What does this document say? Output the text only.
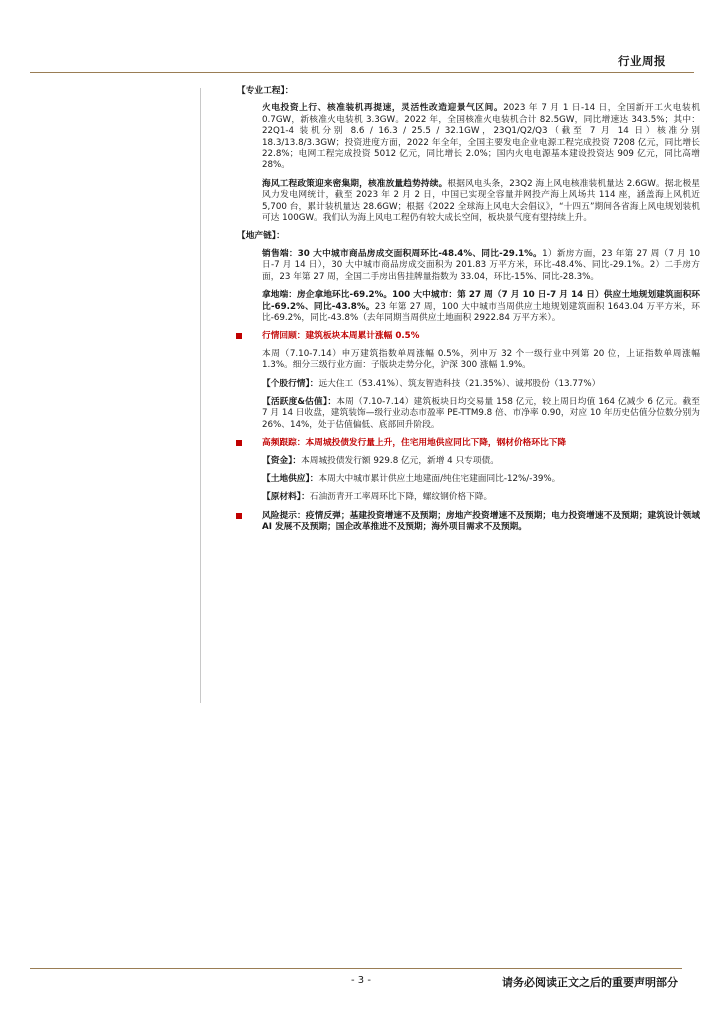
行业周报
【专业工程】：

火电投资上行、核准装机再提速，灵活性改造迎景气区间。2023 年 7 月 1 日-14 日，全国新开工火电装机 0.7GW，新核准火电装机 3.3GW。2022 年，全国核准火电装机合计 82.5GW，同比增速达 343.5%；其中：22Q1-4 装机分别 8.6 / 16.3 / 25.5 / 32.1GW，23Q1/Q2/Q3（截至 7 月 14 日）核准分别 18.3/13.8/3.3GW；投资进度方面，2022 年全年，全国主要发电企业电源工程完成投资 7208 亿元，同比增长 22.8%；电网工程完成投资 5012 亿元，同比增长 2.0%；国内火电电源基本建设投资达 909 亿元，同比高增 28%。

海风工程政策迎来密集期，核准放量趋势持续。根据风电头条，23Q2 海上风电核准装机量达 2.6GW。据北极星风力发电网统计，截至 2023 年 2 月 2 日，中国已实现全容量并网投产海上风场共 114 座，涵盖海上风机近 5,700 台，累计装机量达 28.6GW；根据《2022 全球海上风电大会倡议》，“十四五”期间各省海上风电规划装机可达 100GW。我们认为海上风电工程仍有较大成长空间，板块景气度有望持续上升。

【地产链】：

销售端：30 大中城市商品房成交面积周环比-48.4%、同比-29.1%。1）新房方面，23 年第 27 周（7 月 10 日-7 月 14 日），30 大中城市商品房成交面积为 201.83 万平方米，环比-48.4%、同比-29.1%。2）二手房方面，23 年第 27 周，全国二手房出售挂牌量指数为 33.04，环比-15%、同比-28.3%。

拿地端：房企拿地环比-69.2%。100 大中城市：第 27 周（7 月 10 日-7 月 14 日）供应土地规划建筑面积环比-69.2%、同比-43.8%。23 年第 27 周，100 大中城市当周供应土地规划建筑面积 1643.04 万平方米，环比-69.2%，同比-43.8%（去年同期当周供应土地面积 2922.84 万平方米）。

行情回顾：建筑板块本周累计涨幅 0.5%

本周（7.10-7.14）申万建筑指数单周涨幅 0.5%，列申万 32 个一级行业中列第 20 位，上证指数单周涨幅 1.3%。细分三级行业方面：子版块走势分化，沪深 300 涨幅 1.9%。

【个股行情】：远大住工（53.41%）、筑友智造科技（21.35%）、诚邦股份（13.77%）

【活跃度&估值】：本周（7.10-7.14）建筑板块日均交易量 158 亿元，较上周日均值 164 亿减少 6 亿元。截至 7 月 14 日收盘，建筑装饰—级行业动态市盈率 PE-TTM9.8 倍、市净率 0.90，对应 10 年历史估值分位数分别为 26%、14%，处于估值偏低、底部回升阶段。

高频跟踪：本周城投债发行量上升，住宅用地供应同比下降，钢材价格环比下降

【资金】：本周城投债发行额 929.8 亿元，新增 4 只专项债。

【土地供应】：本周大中城市累计供应土地建面/纯住宅建面同比-12%/-39%。

【原材料】：石油沥青开工率周环比下降，螺纹钢价格下降。

风险提示：疫情反弹；基建投资增速不及预期；房地产投资增速不及预期；电力投资增速不及预期；建筑设计领域 AI 发展不及预期；国企改革推进不及预期；海外项目需求不及预期。
- 3 -	请务必阅读正文之后的重要声明部分
